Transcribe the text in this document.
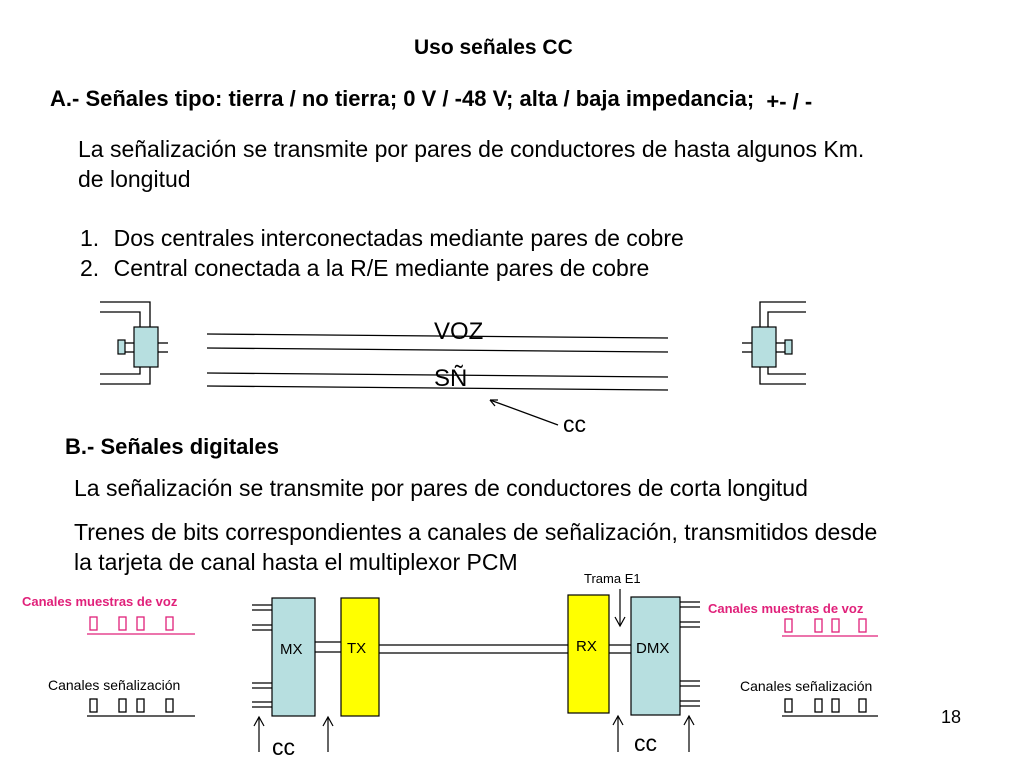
Uso señales CC
A.- Señales tipo: tierra / no tierra; 0 V / -48 V; alta / baja impedancia; +- / -
La señalización se transmite por pares de conductores de hasta algunos Km.
de longitud
1. Dos centrales interconectadas mediante pares de cobre
2. Central conectada a la R/E mediante pares de cobre
VOZ
SÑ
cc
B.- Señales digitales
La señalización se transmite por pares de conductores de corta longitud
Trenes de bits correspondientes a canales de señalización, transmitidos desde
la tarjeta de canal hasta el multiplexor PCM
Trama E1
Canales muestras de voz	Canales muestras de voz
Canales señalización	Canales señalización
MX	TX	RX	DMX
cc	cc
18
